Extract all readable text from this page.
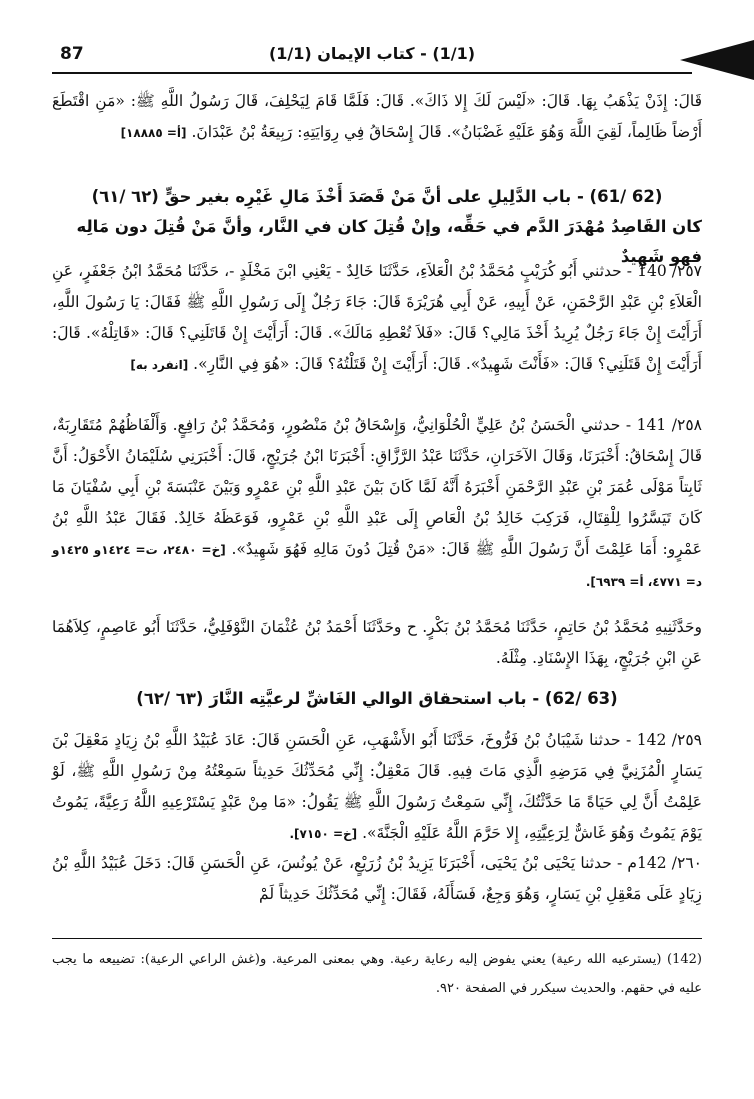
87	(1/1) - كتاب الإيمان (1/1)

قَالَ: إِذَنْ يَذْهَبُ بِهَا. قَالَ: «لَيْسَ لَكَ إِلا ذَاكَ». قَالَ: فَلَمَّا قَامَ لِيَحْلِفَ، قَالَ رَسُولُ اللَّهِ ﷺ: «مَنِ اقْتَطَعَ أَرْضاً ظَالِماً، لَقِيَ اللَّهَ وَهُوَ عَلَيْهِ غَضْبَانُ». قَالَ إِسْحَاقُ فِي رِوَايَتِهِ: رَبِيعَةُ بْنُ عَبْدَانَ. [أ= ١٨٨٨٥]

(62 /61) - باب الدَّلِيلِ على أنَّ مَنْ قَصَدَ أَخْذَ مَالِ غَيْرِه بغير حقٍّ (٦٢ /٦١)

كان القَاصِدُ مُهْدَرَ الدَّم في حَقِّه، وإنْ قُتِلَ كان في النَّار، وأنَّ مَنْ قُتِلَ دون مَالِه فهو شَهِيدٌ

٢٥٧/ 140 - حدثني أَبُو كُرَيْبٍ مُحَمَّدُ بْنُ الْعَلاَءِ، حَدَّثَنَا خَالِدٌ - يَعْنِي ابْنَ مَخْلَدٍ -، حَدَّثَنَا مُحَمَّدُ ابْنُ جَعْفَرٍ، عَنِ الْعَلاَءِ بْنِ عَبْدِ الرَّحْمَنِ، عَنْ أَبِيهِ، عَنْ أَبِي هُرَيْرَةَ قَالَ: جَاءَ رَجُلٌ إِلَى رَسُولِ اللَّهِ ﷺ فَقَالَ: يَا رَسُولَ اللَّهِ، أَرَأَيْتَ إِنْ جَاءَ رَجُلٌ يُرِيدُ أَخْذَ مَالِي؟ قَالَ: «فَلاَ تُعْطِهِ مَالَكَ». قَالَ: أَرَأَيْتَ إِنْ قَاتَلَنِي؟ قَالَ: «قَاتِلْهُ». قَالَ: أَرَأَيْتَ إِنْ قَتَلَنِي؟ قَالَ: «فَأَنْتَ شَهِيدٌ». قَالَ: أَرَأَيْتَ إِنْ قَتَلْتُهُ؟ قَالَ: «هُوَ فِي النَّارِ». [انفرد به]

٢٥٨/ 141 - حدثني الْحَسَنُ بْنُ عَلِيٍّ الْحُلْوَانِيُّ، وَإِسْحَاقُ بْنُ مَنْصُورٍ، وَمُحَمَّدُ بْنُ رَافِعٍ. وَأَلْفَاظُهُمْ مُتَقَارِبَةٌ، قَالَ إِسْحَاقُ: أَخْبَرَنَا، وَقَالَ الآخَرَانِ، حَدَّثَنَا عَبْدُ الرَّزَّاقِ: أَخْبَرَنَا ابْنُ جُرَيْجٍ، قَالَ: أَخْبَرَنِي سُلَيْمَانُ الأَحْوَلُ: أَنَّ ثَابِتاً مَوْلَى عُمَرَ بْنِ عَبْدِ الرَّحْمَنِ أَخْبَرَهُ أَنَّهُ لَمَّا كَانَ بَيْنَ عَبْدِ اللَّهِ بْنِ عَمْرٍو وَبَيْنَ عَنْبَسَةَ بْنِ أَبِي سُفْيَانَ مَا كَانَ تَيَسَّرُوا لِلْقِتَالِ، فَرَكِبَ خَالِدُ بْنُ الْعَاصِ إِلَى عَبْدِ اللَّهِ بْنِ عَمْرٍو، فَوَعَظَهُ خَالِدٌ. فَقَالَ عَبْدُ اللَّهِ بْنُ عَمْرٍو: أَمَا عَلِمْتَ أَنَّ رَسُولَ اللَّهِ ﷺ قَالَ: «مَنْ قُتِلَ دُونَ مَالِهِ فَهُوَ شَهِيدٌ». [خ= ٢٤٨٠، ت= ١٤٢٤و ١٤٢٥و د= ٤٧٧١، أ= ٦٩٣٩].

وحَدَّثَنِيهِ مُحَمَّدُ بْنُ حَاتِمٍ، حَدَّثَنَا مُحَمَّدُ بْنُ بَكْرٍ. ح وحَدَّثَنَا أَحْمَدُ بْنُ عُثْمَانَ النَّوْفَلِيُّ، حَدَّثَنَا أَبُو عَاصِمٍ، كِلاَهُمَا عَنِ ابْنِ جُرَيْجٍ، بِهَذَا الإِسْنَادِ. مِثْلَهُ.

(63 /62) - باب استحقاق الوالي الغَاشِّ لرعيَّتِه النَّارَ (٦٣ /٦٢)

٢٥٩/ 142 - حدثنا شَيْبَانُ بْنُ فَرُّوخَ، حَدَّثَنَا أَبُو الأَشْهَبِ، عَنِ الْحَسَنِ قَالَ: عَادَ عُبَيْدُ اللَّهِ بْنُ زِيَادٍ مَعْقِلَ بْنَ يَسَارٍ الْمُزَنِيَّ فِي مَرَضِهِ الَّذِي مَاتَ فِيهِ. قَالَ مَعْقِلٌ: إِنِّي مُحَدِّثُكَ حَدِيثاً سَمِعْتُهُ مِنْ رَسُولِ اللَّهِ ﷺ، لَوْ عَلِمْتُ أَنَّ لِي حَيَاةً مَا حَدَّثْتُكَ، إِنِّي سَمِعْتُ رَسُولَ اللَّهِ ﷺ يَقُولُ: «مَا مِنْ عَبْدٍ يَسْتَرْعِيهِ اللَّهُ رَعِيَّةً، يَمُوتُ يَوْمَ يَمُوتُ وَهُوَ غَاشٌّ لِرَعِيَّتِهِ، إِلا حَرَّمَ اللَّهُ عَلَيْهِ الْجَنَّةَ». [خ= ٧١٥٠].

٢٦٠/ 142م - حدثنا يَحْيَى بْنُ يَحْيَى، أَخْبَرَنَا يَزِيدُ بْنُ زُرَيْعٍ، عَنْ يُونُسَ، عَنِ الْحَسَنِ قَالَ: دَخَلَ عُبَيْدُ اللَّهِ بْنُ زِيَادٍ عَلَى مَعْقِلِ بْنِ يَسَارٍ، وَهُوَ وَجِعٌ، فَسَأَلَهُ، فَقَالَ: إِنِّي مُحَدِّثُكَ حَدِيثاً لَمْ

(142) (يسترعيه الله رعية) يعني يفوض إليه رعاية رعية. وهي بمعنى المرعية. و(غش الراعي الرعية): تضييعه ما يجب عليه في حقهم. والحديث سيكرر في الصفحة ٩٢٠.
